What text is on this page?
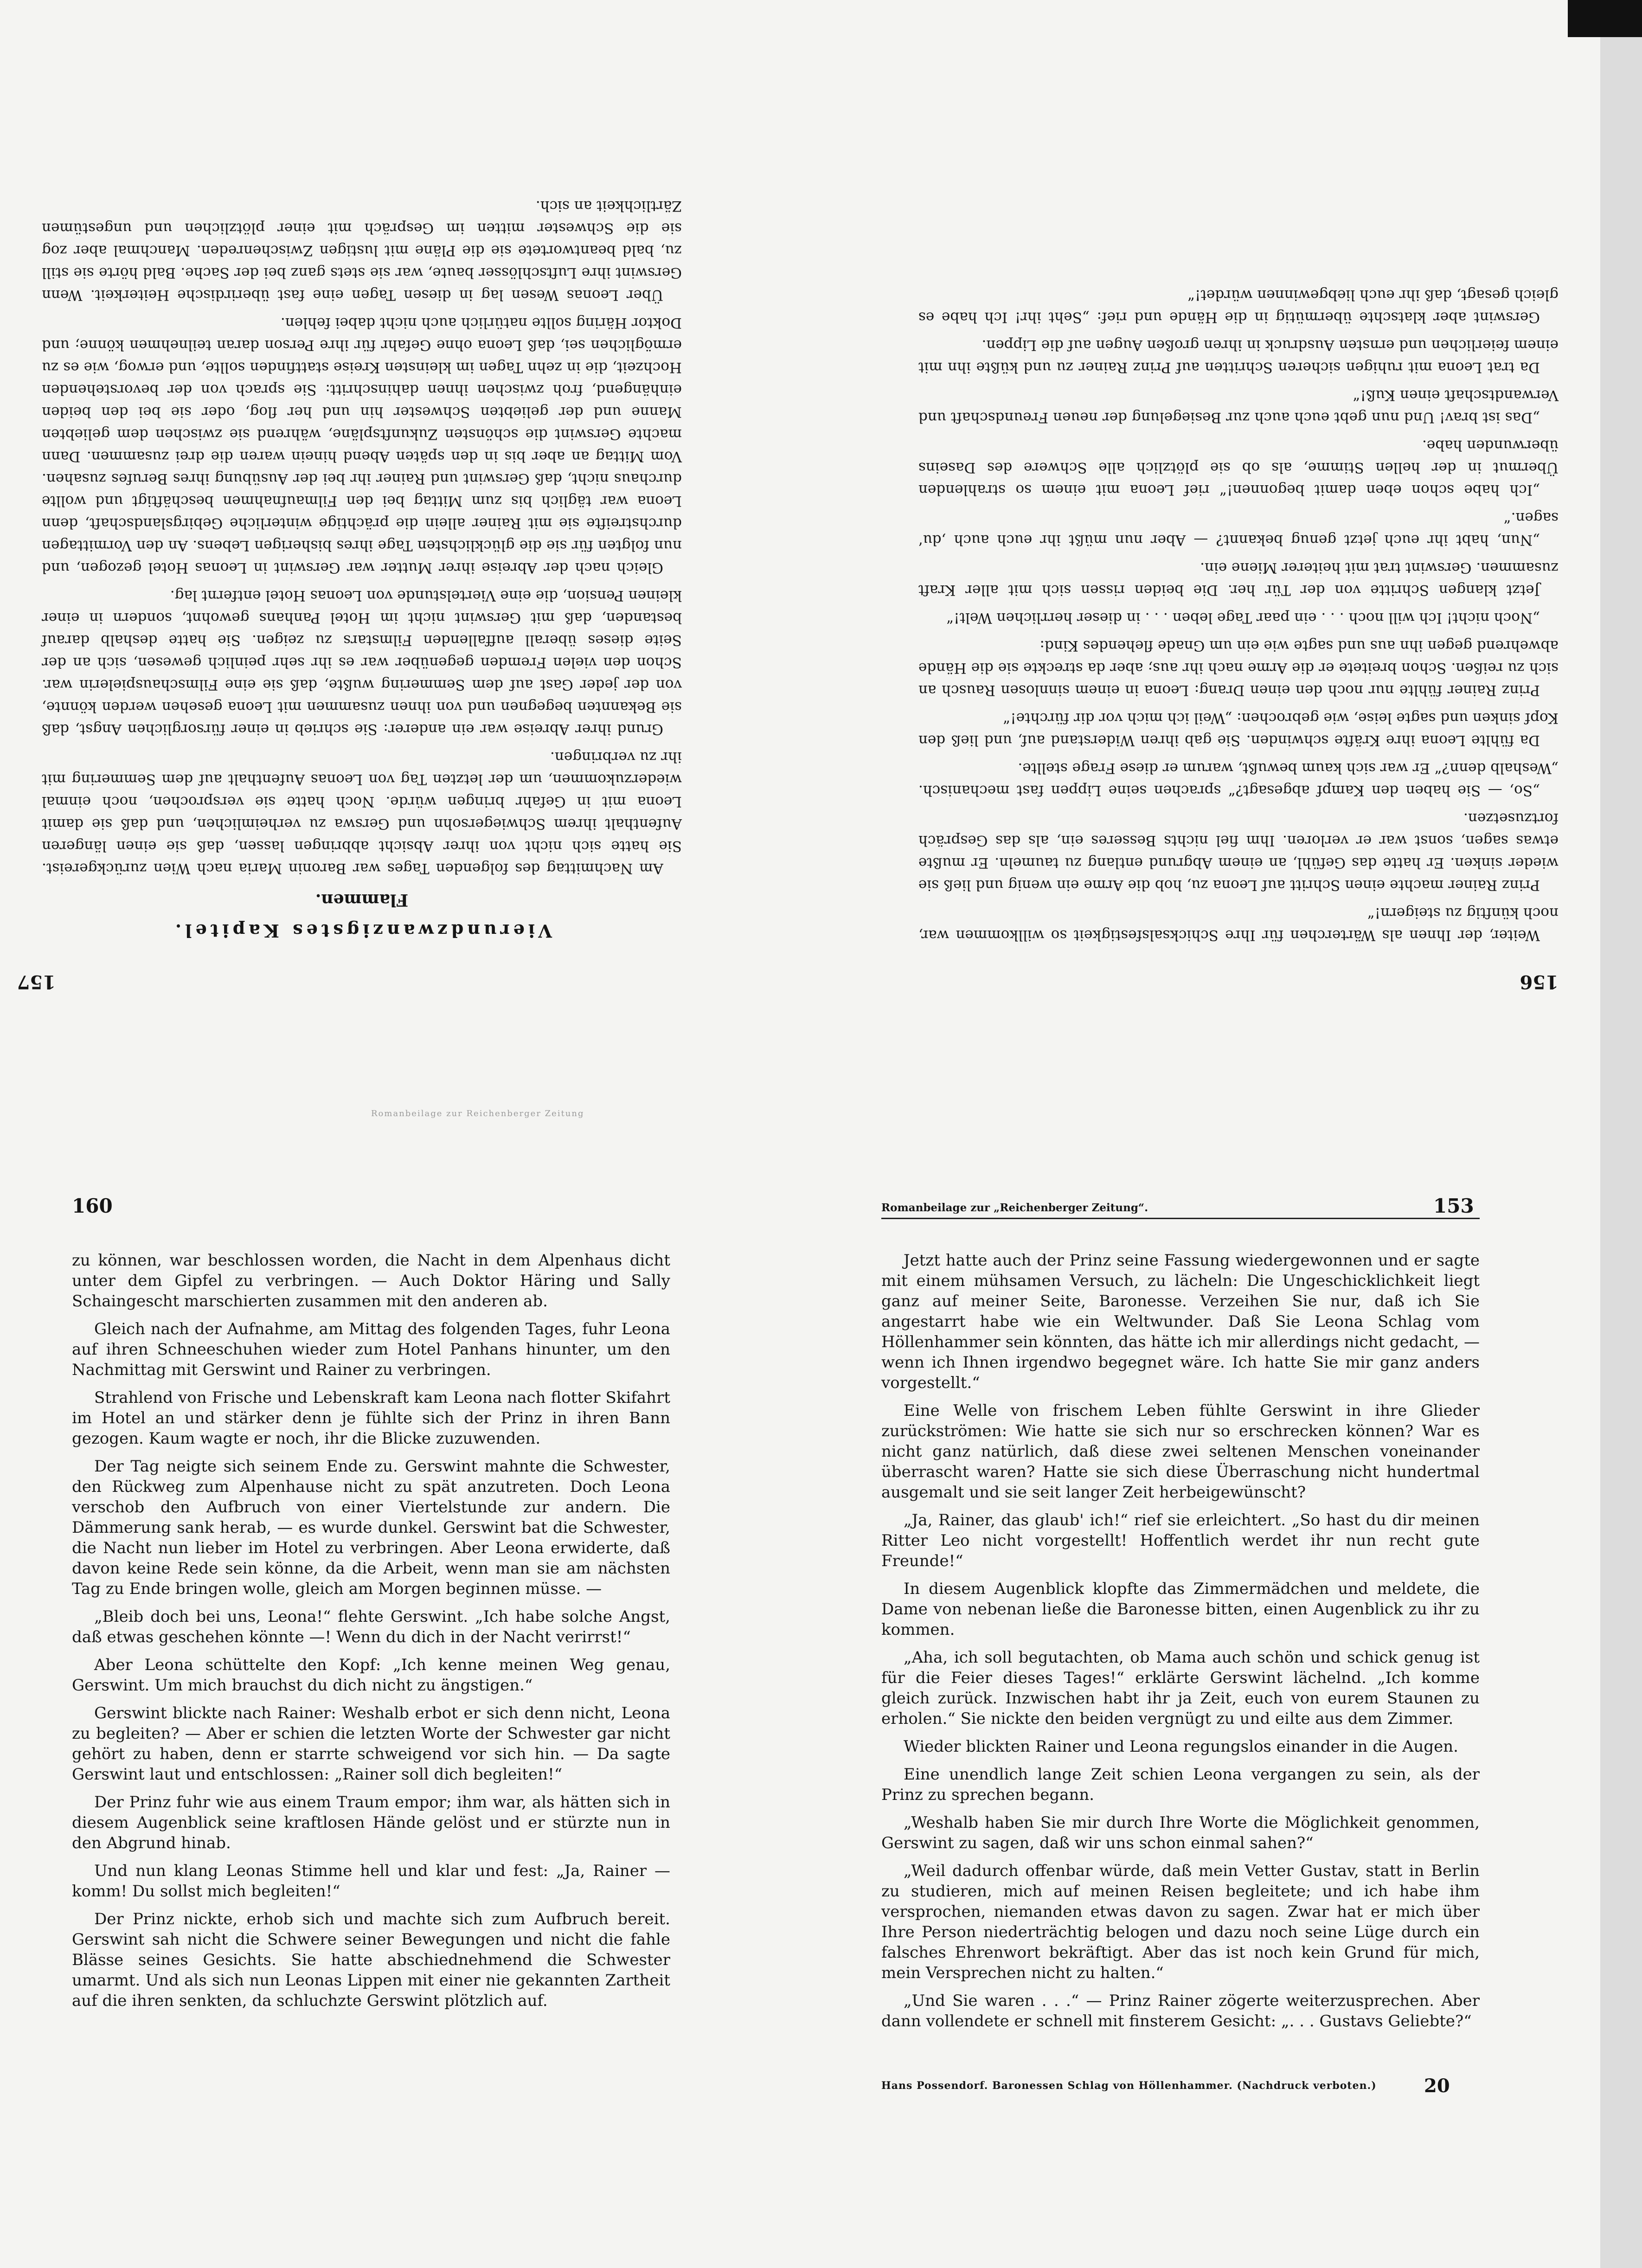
156
157

Weiter, der Ihnen als Wärterchen für Ihre Schicksalsfestigkeit so willkommen war, noch künftig zu steigern!“

Prinz Rainer machte einen Schritt auf Leona zu, hob die Arme ein wenig und ließ sie wieder sinken. Er hatte das Gefühl, an einem Abgrund entlang zu taumeln. Er mußte etwas sagen, sonst war er verloren. Ihm fiel nichts Besseres ein, als das Gespräch fortzusetzen.

„So, — Sie haben den Kampf abgesagt?“ sprachen seine Lippen fast mechanisch. „Weshalb denn?“ Er war sich kaum bewußt, warum er diese Frage stellte.

Da fühlte Leona ihre Kräfte schwinden. Sie gab ihren Widerstand auf, und ließ den Kopf sinken und sagte leise, wie gebrochen: „Weil ich mich vor dir fürchte!“

Prinz Rainer fühlte nur noch den einen Drang: Leona in einem sinnlosen Rausch an sich zu reißen. Schon breitete er die Arme nach ihr aus; aber da streckte sie die Hände abwehrend gegen ihn aus und sagte wie ein um Gnade flehendes Kind:

„Noch nicht! Ich will noch . . . ein paar Tage leben . . . in dieser herrlichen Welt!“

Jetzt klangen Schritte von der Tür her. Die beiden rissen sich mit aller Kraft zusammen. Gerswint trat mit heiterer Miene ein.

„Nun, habt ihr euch jetzt genug bekannt? — Aber nun müßt ihr euch auch ‚du‘ sagen.“

„Ich habe schon eben damit begonnen!“ rief Leona mit einem so strahlenden Übermut in der hellen Stimme, als ob sie plötzlich alle Schwere des Daseins überwunden habe.

„Das ist brav! Und nun gebt euch auch zur Besiegelung der neuen Freundschaft und Verwandtschaft einen Kuß!“

Da trat Leona mit ruhigen sicheren Schritten auf Prinz Rainer zu und küßte ihn mit einem feierlichen und ernsten Ausdruck in ihren großen Augen auf die Lippen.

Gerswint aber klatschte übermütig in die Hände und rief: „Seht ihr! Ich habe es gleich gesagt, daß ihr euch liebgewinnen würdet!“

Vierundzwanzigstes Kapitel.
Flammen.

Am Nachmittag des folgenden Tages war Baronin Maria nach Wien zurückgereist. Sie hatte sich nicht von ihrer Absicht abbringen lassen, daß sie einen längeren Aufenthalt ihrem Schwiegersohn und Gerswa zu verheimlichen, und daß sie damit Leona mit in Gefahr bringen würde. Noch hatte sie versprochen, noch einmal wiederzukommen, um der letzten Tag von Leonas Aufenthalt auf dem Semmering mit ihr zu verbringen.

Grund ihrer Abreise war ein anderer: Sie schrieb in einer fürsorglichen Angst, daß sie Bekannten begegnen und von ihnen zusammen mit Leona gesehen werden könnte, von der jeder Gast auf dem Semmering wußte, daß sie eine Filmschauspielerin war. Schon den vielen Fremden gegenüber war es ihr sehr peinlich gewesen, sich an der Seite dieses überall auffallenden Filmstars zu zeigen. Sie hatte deshalb darauf bestanden, daß mit Gerswint nicht im Hotel Panhans gewohnt, sondern in einer kleinen Pension, die eine Viertelstunde von Leonas Hotel entfernt lag.

Gleich nach der Abreise ihrer Mutter war Gerswint in Leonas Hotel gezogen, und nun folgten für sie die glücklichsten Tage ihres bisherigen Lebens. An den Vormittagen durchstreifte sie mit Rainer allein die prächtige winterliche Gebirgslandschaft, denn Leona war täglich bis zum Mittag bei den Filmaufnahmen beschäftigt und wollte durchaus nicht, daß Gerswint und Rainer ihr bei der Ausübung ihres Berufes zusahen. Vom Mittag an aber bis in den späten Abend hinein waren die drei zusammen. Dann machte Gerswint die schönsten Zukunftspläne, während sie zwischen dem geliebten Manne und der geliebten Schwester hin und her flog, oder sie bei den beiden einhängend, froh zwischen ihnen dahinschritt: Sie sprach von der bevorstehenden Hochzeit, die in zehn Tagen im kleinsten Kreise stattfinden sollte, und erwog, wie es zu ermöglichen sei, daß Leona ohne Gefahr für ihre Person daran teilnehmen könne; und Doktor Häring sollte natürlich auch nicht dabei fehlen.

Über Leonas Wesen lag in diesen Tagen eine fast überirdische Heiterkeit. Wenn Gerswint ihre Luftschlösser baute, war sie stets ganz bei der Sache. Bald hörte sie still zu, bald beantwortete sie die Pläne mit lustigen Zwischenreden. Manchmal aber zog sie die Schwester mitten im Gespräch mit einer plötzlichen und ungestümen Zärtlichkeit an sich.

Romanbeilage zur Reichenberger Zeitung
160	153
Romanbeilage zur „Reichenberger Zeitung“.

zu können, war beschlossen worden, die Nacht in dem Alpenhaus dicht unter dem Gipfel zu verbringen. — Auch Doktor Häring und Sally Schaingescht marschierten zusammen mit den anderen ab.

Gleich nach der Aufnahme, am Mittag des folgenden Tages, fuhr Leona auf ihren Schneeschuhen wieder zum Hotel Panhans hinunter, um den Nachmittag mit Gerswint und Rainer zu verbringen.

Strahlend von Frische und Lebenskraft kam Leona nach flotter Skifahrt im Hotel an und stärker denn je fühlte sich der Prinz in ihren Bann gezogen. Kaum wagte er noch, ihr die Blicke zuzuwenden.

Der Tag neigte sich seinem Ende zu. Gerswint mahnte die Schwester, den Rückweg zum Alpenhause nicht zu spät anzutreten. Doch Leona verschob den Aufbruch von einer Viertelstunde zur andern. Die Dämmerung sank herab, — es wurde dunkel. Gerswint bat die Schwester, die Nacht nun lieber im Hotel zu verbringen. Aber Leona erwiderte, daß davon keine Rede sein könne, da die Arbeit, wenn man sie am nächsten Tag zu Ende bringen wolle, gleich am Morgen beginnen müsse. —

„Bleib doch bei uns, Leona!“ flehte Gerswint. „Ich habe solche Angst, daß etwas geschehen könnte —! Wenn du dich in der Nacht verirrst!“

Aber Leona schüttelte den Kopf: „Ich kenne meinen Weg genau, Gerswint. Um mich brauchst du dich nicht zu ängstigen.“

Gerswint blickte nach Rainer: Weshalb erbot er sich denn nicht, Leona zu begleiten? — Aber er schien die letzten Worte der Schwester gar nicht gehört zu haben, denn er starrte schweigend vor sich hin. — Da sagte Gerswint laut und entschlossen: „Rainer soll dich begleiten!“

Der Prinz fuhr wie aus einem Traum empor; ihm war, als hätten sich in diesem Augenblick seine kraftlosen Hände gelöst und er stürzte nun in den Abgrund hinab.

Und nun klang Leonas Stimme hell und klar und fest: „Ja, Rainer — komm! Du sollst mich begleiten!“

Der Prinz nickte, erhob sich und machte sich zum Aufbruch bereit. Gerswint sah nicht die Schwere seiner Bewegungen und nicht die fahle Blässe seines Gesichts. Sie hatte abschiednehmend die Schwester umarmt. Und als sich nun Leonas Lippen mit einer nie gekannten Zartheit auf die ihren senkten, da schluchzte Gerswint plötzlich auf.

Jetzt hatte auch der Prinz seine Fassung wiedergewonnen und er sagte mit einem mühsamen Versuch, zu lächeln: Die Ungeschicklichkeit liegt ganz auf meiner Seite, Baronesse. Verzeihen Sie nur, daß ich Sie angestarrt habe wie ein Weltwunder. Daß Sie Leona Schlag vom Höllenhammer sein könnten, das hätte ich mir allerdings nicht gedacht, — wenn ich Ihnen irgendwo begegnet wäre. Ich hatte Sie mir ganz anders vorgestellt.“

Eine Welle von frischem Leben fühlte Gerswint in ihre Glieder zurückströmen: Wie hatte sie sich nur so erschrecken können? War es nicht ganz natürlich, daß diese zwei seltenen Menschen voneinander überrascht waren? Hatte sie sich diese Überraschung nicht hundertmal ausgemalt und sie seit langer Zeit herbeigewünscht?

„Ja, Rainer, das glaub' ich!“ rief sie erleichtert. „So hast du dir meinen Ritter Leo nicht vorgestellt! Hoffentlich werdet ihr nun recht gute Freunde!“

In diesem Augenblick klopfte das Zimmermädchen und meldete, die Dame von nebenan ließe die Baronesse bitten, einen Augenblick zu ihr zu kommen.

„Aha, ich soll begutachten, ob Mama auch schön und schick genug ist für die Feier dieses Tages!“ erklärte Gerswint lächelnd. „Ich komme gleich zurück. Inzwischen habt ihr ja Zeit, euch von eurem Staunen zu erholen.“ Sie nickte den beiden vergnügt zu und eilte aus dem Zimmer.

Wieder blickten Rainer und Leona regungslos einander in die Augen.

Eine unendlich lange Zeit schien Leona vergangen zu sein, als der Prinz zu sprechen begann.

„Weshalb haben Sie mir durch Ihre Worte die Möglichkeit genommen, Gerswint zu sagen, daß wir uns schon einmal sahen?“

„Weil dadurch offenbar würde, daß mein Vetter Gustav, statt in Berlin zu studieren, mich auf meinen Reisen begleitete; und ich habe ihm versprochen, niemanden etwas davon zu sagen. Zwar hat er mich über Ihre Person niederträchtig belogen und dazu noch seine Lüge durch ein falsches Ehrenwort bekräftigt. Aber das ist noch kein Grund für mich, mein Versprechen nicht zu halten.“

„Und Sie waren . . .“ — Prinz Rainer zögerte weiterzusprechen. Aber dann vollendete er schnell mit finsterem Gesicht: „. . . Gustavs Geliebte?“

Hans Possendorf. Baronessen Schlag von Höllenhammer. (Nachdruck verboten.)	20
